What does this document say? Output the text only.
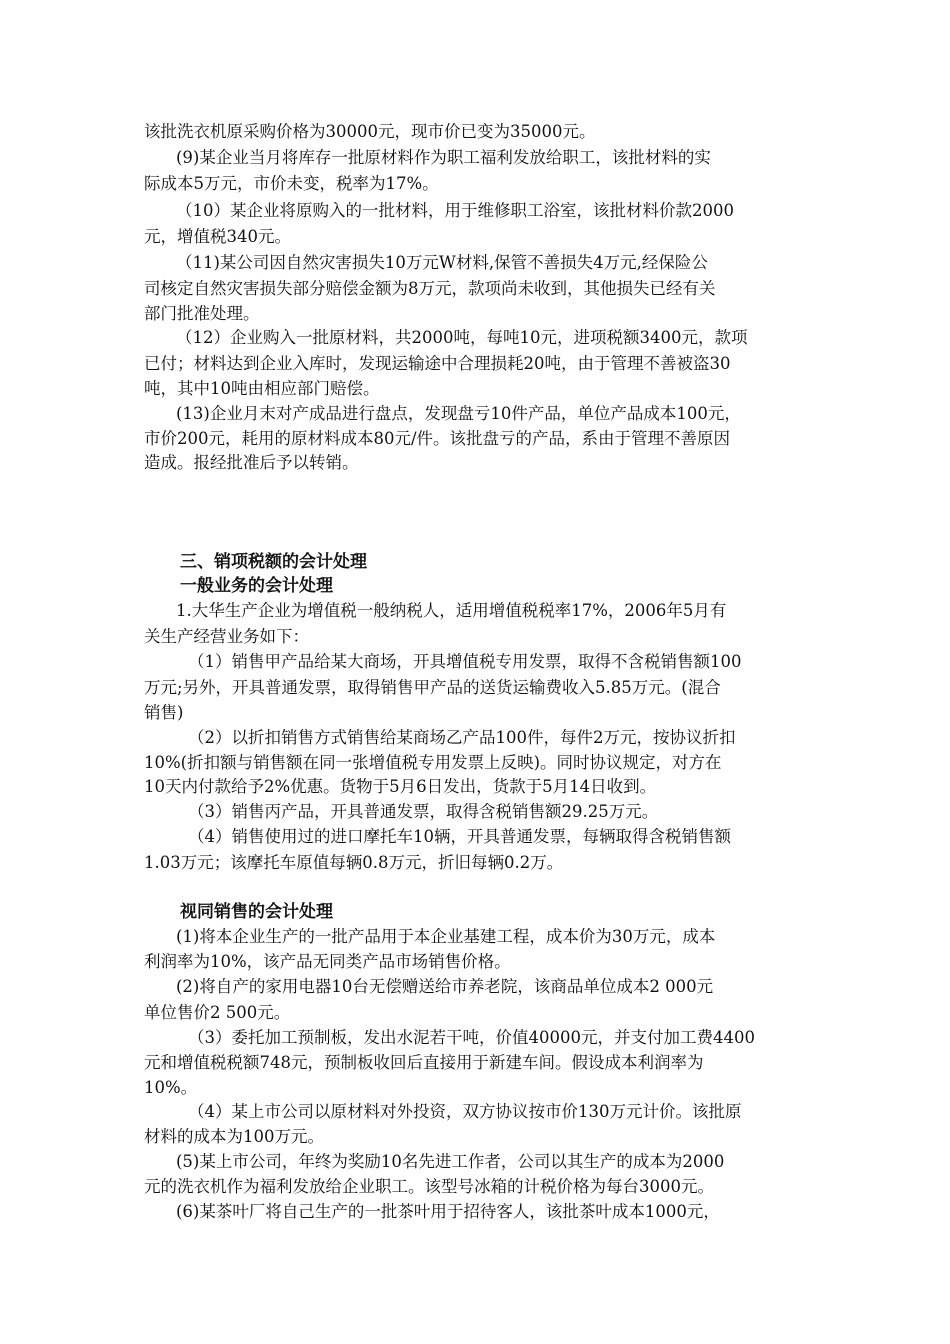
该批洗衣机原采购价格为30000元，现市价已变为35000元。
(9)某企业当月将库存一批原材料作为职工福利发放给职工，该批材料的实
际成本5万元，市价未变，税率为17%。
（10）某企业将原购入的一批材料，用于维修职工浴室，该批材料价款2000
元，增值税340元。
（11)某公司因自然灾害损失10万元W材料,保管不善损失4万元,经保险公
司核定自然灾害损失部分赔偿金额为8万元，款项尚未收到，其他损失已经有关
部门批准处理。
（12）企业购入一批原材料，共2000吨，每吨10元，进项税额3400元，款项
已付；材料达到企业入库时，发现运输途中合理损耗20吨，由于管理不善被盗30
吨，其中10吨由相应部门赔偿。
(13)企业月末对产成品进行盘点，发现盘亏10件产品，单位产品成本100元，
市价200元，耗用的原材料成本80元/件。该批盘亏的产品，系由于管理不善原因
造成。报经批准后予以转销。
三、销项税额的会计处理
一般业务的会计处理
1.大华生产企业为增值税一般纳税人，适用增值税税率17%，2006年5月有
关生产经营业务如下：
（1）销售甲产品给某大商场，开具增值税专用发票，取得不含税销售额100
万元;另外，开具普通发票，取得销售甲产品的送货运输费收入5.85万元。(混合
销售)
（2）以折扣销售方式销售给某商场乙产品100件，每件2万元，按协议折扣
10%(折扣额与销售额在同一张增值税专用发票上反映)。同时协议规定，对方在
10天内付款给予2%优惠。货物于5月6日发出，货款于5月14日收到。
（3）销售丙产品，开具普通发票，取得含税销售额29.25万元。
（4）销售使用过的进口摩托车10辆，开具普通发票，每辆取得含税销售额
1.03万元；该摩托车原值每辆0.8万元，折旧每辆0.2万。
视同销售的会计处理
(1)将本企业生产的一批产品用于本企业基建工程，成本价为30万元，成本
利润率为10%，该产品无同类产品市场销售价格。
(2)将自产的家用电器10台无偿赠送给市养老院，该商品单位成本2 000元
单位售价2 500元。
（3）委托加工预制板，发出水泥若干吨，价值40000元，并支付加工费4400
元和增值税税额748元，预制板收回后直接用于新建车间。假设成本利润率为
10%。
（4）某上市公司以原材料对外投资，双方协议按市价130万元计价。该批原
材料的成本为100万元。
(5)某上市公司，年终为奖励10名先进工作者，公司以其生产的成本为2000
元的洗衣机作为福利发放给企业职工。该型号冰箱的计税价格为每台3000元。
(6)某茶叶厂将自己生产的一批茶叶用于招待客人，该批茶叶成本1000元，
